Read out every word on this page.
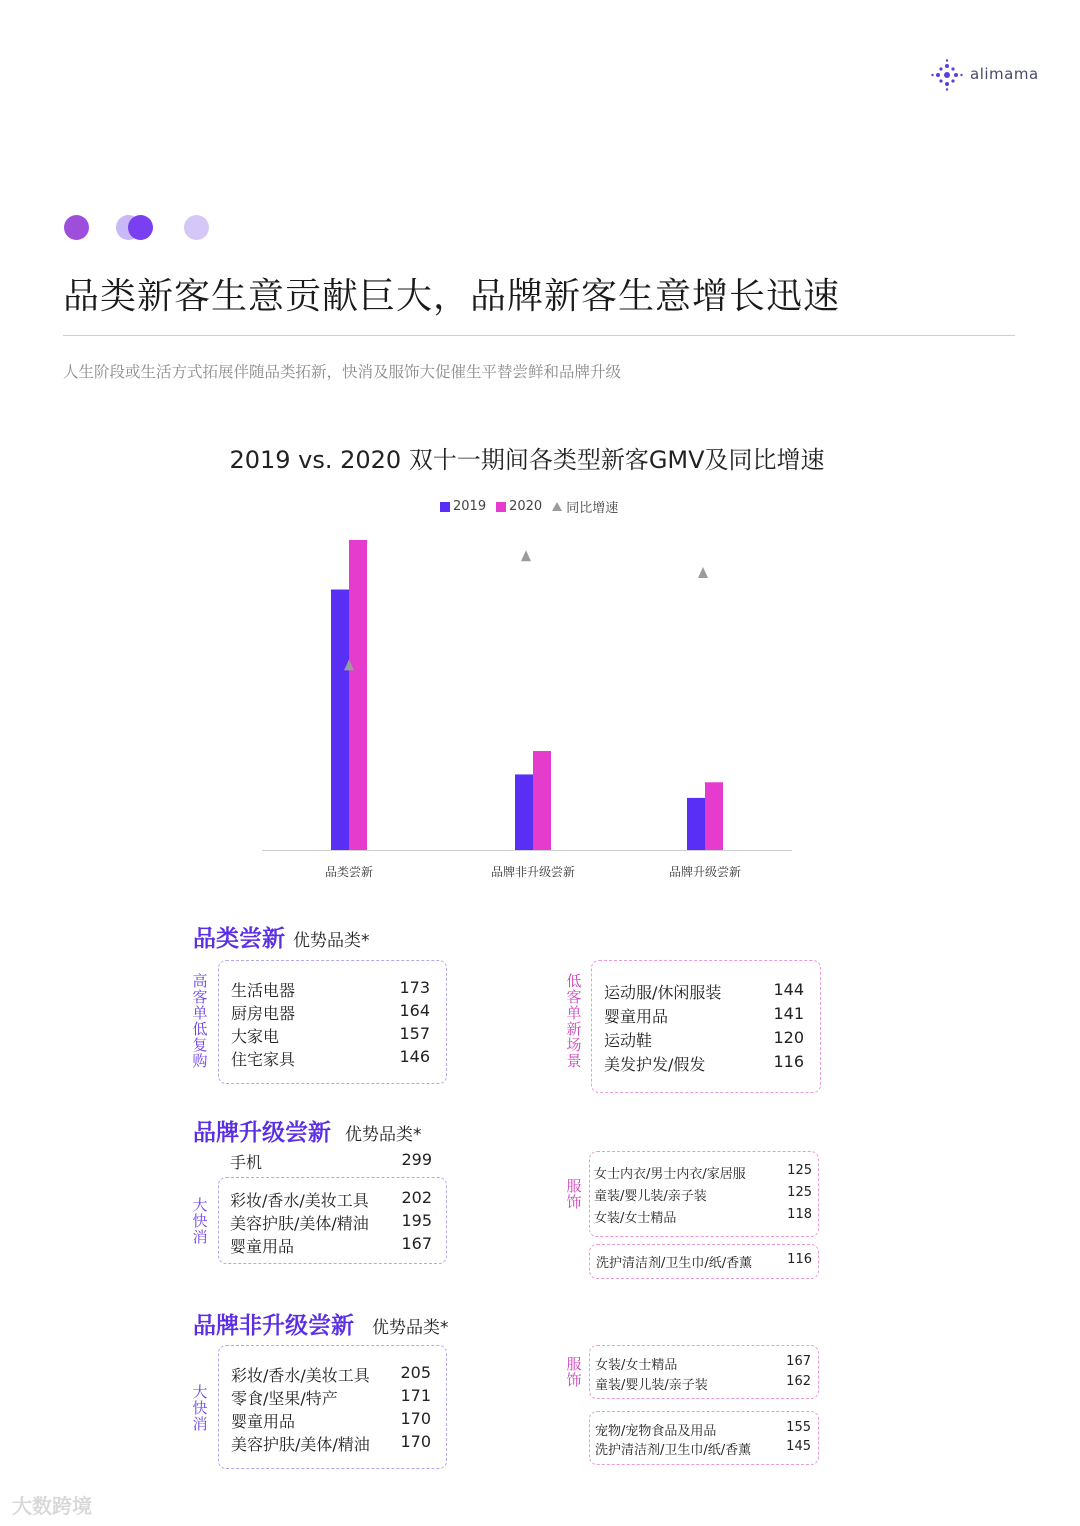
alimama
品类新客生意贡献巨大，品牌新客生意增长迅速
人生阶段或生活方式拓展伴随品类拓新，快消及服饰大促催生平替尝鲜和品牌升级
2019 vs. 2020 双十一期间各类型新客GMV及同比增速
2019 2020 同比增速
品类尝新	品牌非升级尝新	品牌升级尝新
品类尝新 优势品类*
高客单低复购
生活电器	173
厨房电器	164
大家电	157
住宅家具	146
低客单新场景
运动服/休闲服装	144
婴童用品	141
运动鞋	120
美发护发/假发	116
品牌升级尝新 优势品类*
手机	299
大快消
彩妆/香水/美妆工具	202
美容护肤/美体/精油	195
婴童用品	167
服饰
女士内衣/男士内衣/家居服	125
童装/婴儿装/亲子装	125
女装/女士精品	118
洗护清洁剂/卫生巾/纸/香薰	116
品牌非升级尝新 优势品类*
大快消
彩妆/香水/美妆工具	205
零食/坚果/特产	171
婴童用品	170
美容护肤/美体/精油	170
服饰
女装/女士精品	167
童装/婴儿装/亲子装	162
宠物/宠物食品及用品	155
洗护清洁剂/卫生巾/纸/香薰	145
大数跨境
